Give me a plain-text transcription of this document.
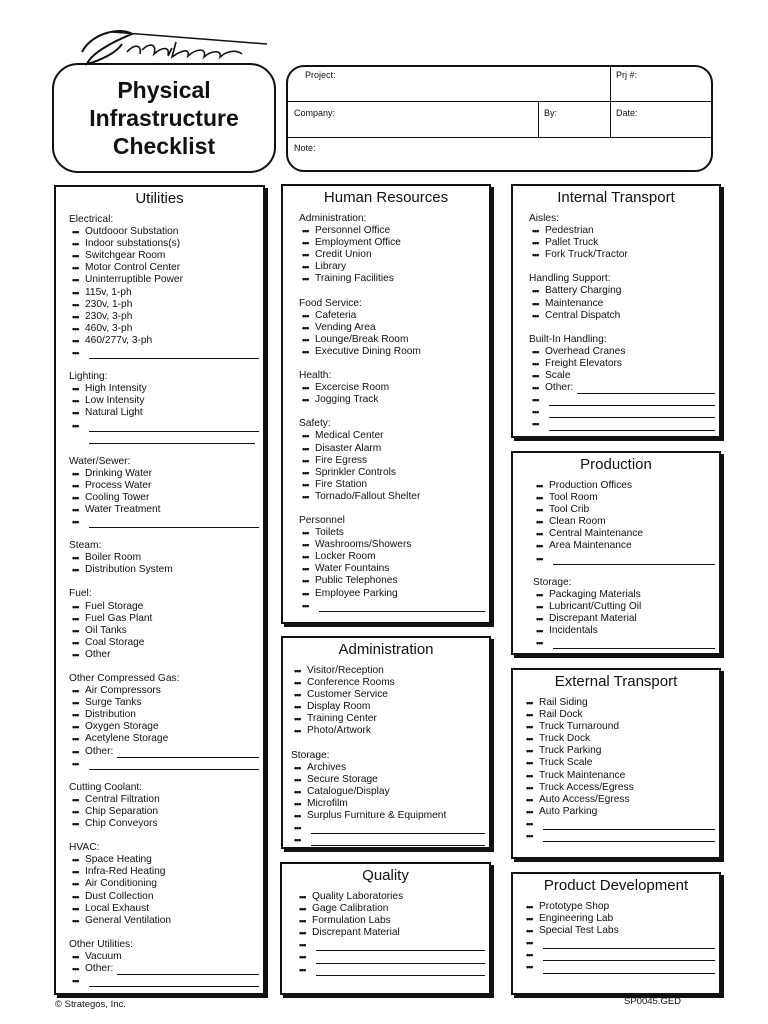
Physical
Infrastructure
Checklist
Project:	Prj #:
Company:	By:	Date:
Note:
Utilities
Electrical:
••• Outdooor Substation
••• Indoor substations(s)
••• Switchgear Room
••• Motor Control Center
••• Uninterruptible Power
••• 115v, 1-ph
••• 230v, 1-ph
••• 230v, 3-ph
••• 460v, 3-ph
••• 460/277v, 3-ph
•••
Lighting:
••• High Intensity
••• Low Intensity
••• Natural Light
•••
Water/Sewer:
••• Drinking Water
••• Process Water
••• Cooling Tower
••• Water Treatment
•••
Steam:
••• Boiler Room
••• Distribution System
Fuel:
••• Fuel Storage
••• Fuel Gas Plant
••• Oil Tanks
••• Coal Storage
••• Other
Other Compressed Gas:
••• Air Compressors
••• Surge Tanks
••• Distribution
••• Oxygen Storage
••• Acetylene Storage
••• Other:
•••
Cutting Coolant:
••• Central Filtration
••• Chip Separation
••• Chip Conveyors
HVAC:
••• Space Heating
••• Infra-Red Heating
••• Air Conditioning
••• Dust Collection
••• Local Exhaust
••• General Ventilation
Other Utilities:
••• Vacuum
••• Other:
•••
Human Resources
Administration:
••• Personnel Office
••• Employment Office
••• Credit Union
••• Library
••• Training Facilities
Food Service:
••• Cafeteria
••• Vending Area
••• Lounge/Break Room
••• Executive Dining Room
Health:
••• Excercise Room
••• Jogging Track
Safety:
••• Medical Center
••• Disaster Alarm
••• Fire Egress
••• Sprinkler Controls
••• Fire Station
••• Tornado/Fallout Shelter
Personnel
••• Toilets
••• Washrooms/Showers
••• Locker Room
••• Water Fountains
••• Public Telephones
••• Employee Parking
•••
Administration
••• Visitor/Reception
••• Conference Rooms
••• Customer Service
••• Display Room
••• Training Center
••• Photo/Artwork
Storage:
••• Archives
••• Secure Storage
••• Catalogue/Display
••• Microfilm
••• Surplus Furniture & Equipment
•••
•••
Quality
••• Quality Laboratories
••• Gage Calibration
••• Formulation Labs
••• Discrepant Material
•••
•••
•••
Internal Transport
Aisles:
••• Pedestrian
••• Pallet Truck
••• Fork Truck/Tractor
Handling Support:
••• Battery Charging
••• Maintenance
••• Central Dispatch
Built-In Handling:
••• Overhead Cranes
••• Freight Elevators
••• Scale
••• Other:
•••
•••
•••
Production
••• Production Offices
••• Tool Room
••• Tool Crib
••• Clean Room
••• Central Maintenance
••• Area Maintenance
•••
Storage:
••• Packaging Materials
••• Lubricant/Cutting Oil
••• Discrepant Material
••• Incidentals
•••
External Transport
••• Rail Siding
••• Rail Dock
••• Truck Turnaround
••• Truck Dock
••• Truck Parking
••• Truck Scale
••• Truck Maintenance
••• Truck Access/Egress
••• Auto Access/Egress
••• Auto Parking
•••
•••
Product Development
••• Prototype Shop
••• Engineering Lab
••• Special Test Labs
•••
•••
•••
© Strategos, Inc.	SP0045.GED
